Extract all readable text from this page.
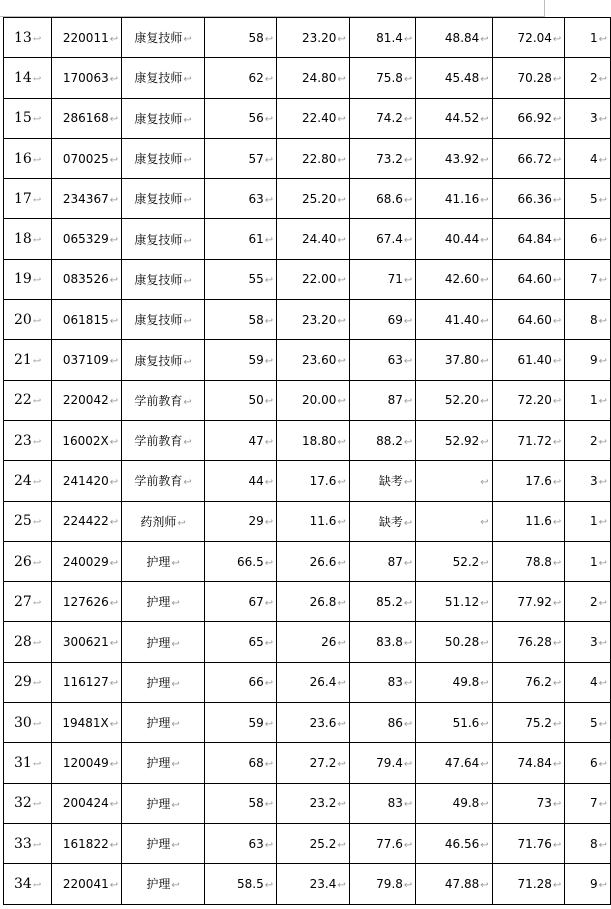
13↩	220011↩	康复技师↩	58↩	23.20↩	81.4↩	48.84↩	72.04↩	1↩
14↩	170063↩	康复技师↩	62↩	24.80↩	75.8↩	45.48↩	70.28↩	2↩
15↩	286168↩	康复技师↩	56↩	22.40↩	74.2↩	44.52↩	66.92↩	3↩
16↩	070025↩	康复技师↩	57↩	22.80↩	73.2↩	43.92↩	66.72↩	4↩
17↩	234367↩	康复技师↩	63↩	25.20↩	68.6↩	41.16↩	66.36↩	5↩
18↩	065329↩	康复技师↩	61↩	24.40↩	67.4↩	40.44↩	64.84↩	6↩
19↩	083526↩	康复技师↩	55↩	22.00↩	71↩	42.60↩	64.60↩	7↩
20↩	061815↩	康复技师↩	58↩	23.20↩	69↩	41.40↩	64.60↩	8↩
21↩	037109↩	康复技师↩	59↩	23.60↩	63↩	37.80↩	61.40↩	9↩
22↩	220042↩	学前教育↩	50↩	20.00↩	87↩	52.20↩	72.20↩	1↩
23↩	16002X↩	学前教育↩	47↩	18.80↩	88.2↩	52.92↩	71.72↩	2↩
24↩	241420↩	学前教育↩	44↩	17.6↩	缺考↩	↩	17.6↩	3↩
25↩	224422↩	药剂师↩	29↩	11.6↩	缺考↩	↩	11.6↩	1↩
26↩	240029↩	护理↩	66.5↩	26.6↩	87↩	52.2↩	78.8↩	1↩
27↩	127626↩	护理↩	67↩	26.8↩	85.2↩	51.12↩	77.92↩	2↩
28↩	300621↩	护理↩	65↩	26↩	83.8↩	50.28↩	76.28↩	3↩
29↩	116127↩	护理↩	66↩	26.4↩	83↩	49.8↩	76.2↩	4↩
30↩	19481X↩	护理↩	59↩	23.6↩	86↩	51.6↩	75.2↩	5↩
31↩	120049↩	护理↩	68↩	27.2↩	79.4↩	47.64↩	74.84↩	6↩
32↩	200424↩	护理↩	58↩	23.2↩	83↩	49.8↩	73↩	7↩
33↩	161822↩	护理↩	63↩	25.2↩	77.6↩	46.56↩	71.76↩	8↩
34↩	220041↩	护理↩	58.5↩	23.4↩	79.8↩	47.88↩	71.28↩	9↩
